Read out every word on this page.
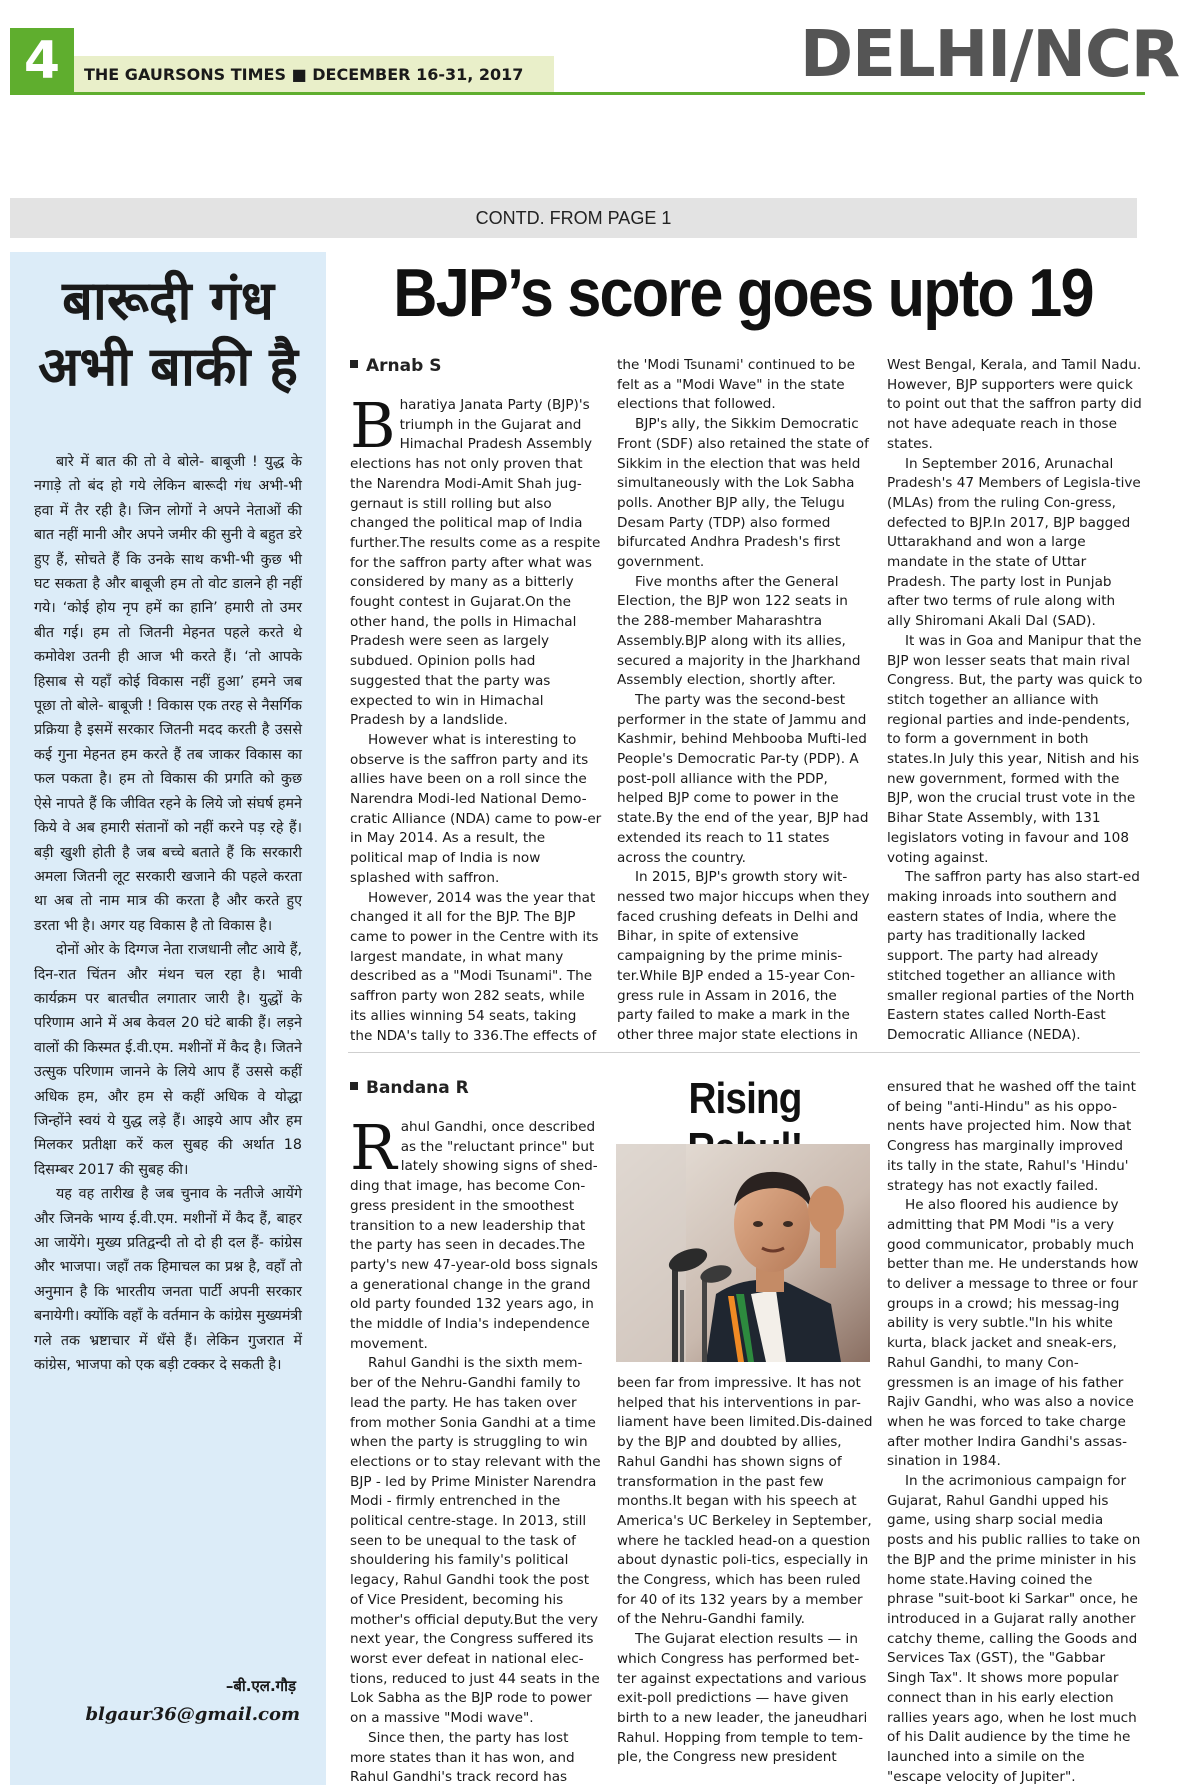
4	THE GAURSONS TIMES ■ DECEMBER 16-31, 2017	DELHI/NCR
CONTD. FROM PAGE 1
बारूदी गंध
अभी बाकी है

बारे में बात की तो वे बोले- बाबूजी ! युद्ध के नगाड़े तो बंद हो गये लेकिन बारूदी गंध अभी-भी हवा में तैर रही है। जिन लोगों ने अपने नेताओं की बात नहीं मानी और अपने जमीर की सुनी वे बहुत डरे हुए हैं, सोचते हैं कि उनके साथ कभी-भी कुछ भी घट सकता है और बाबूजी हम तो वोट डालने ही नहीं गये। ‘कोई होय नृप हमें का हानि’ हमारी तो उमर बीत गई। हम तो जितनी मेहनत पहले करते थे कमोवेश उतनी ही आज भी करते हैं। ‘तो आपके हिसाब से यहाँ कोई विकास नहीं हुआ’ हमने जब पूछा तो बोले- बाबूजी ! विकास एक तरह से नैसर्गिक प्रक्रिया है इसमें सरकार जितनी मदद करती है उससे कई गुना मेहनत हम करते हैं तब जाकर विकास का फल पकता है। हम तो विकास की प्रगति को कुछ ऐसे नापते हैं कि जीवित रहने के लिये जो संघर्ष हमने किये वे अब हमारी संतानों को नहीं करने पड़ रहे हैं। बड़ी खुशी होती है जब बच्चे बताते हैं कि सरकारी अमला जितनी लूट सरकारी खजाने की पहले करता था अब तो नाम मात्र की करता है और करते हुए डरता भी है। अगर यह विकास है तो विकास है।

दोनों ओर के दिग्गज नेता राजधानी लौट आये हैं, दिन-रात चिंतन और मंथन चल रहा है। भावी कार्यक्रम पर बातचीत लगातार जारी है। युद्धों के परिणाम आने में अब केवल 20 घंटे बाकी हैं। लड़ने वालों की किस्मत ई.वी.एम. मशीनों में कैद है। जितने उत्सुक परिणाम जानने के लिये आप हैं उससे कहीं अधिक हम, और हम से कहीं अधिक वे योद्धा जिन्होंने स्वयं ये युद्ध लड़े हैं। आइये आप और हम मिलकर प्रतीक्षा करें कल सुबह की अर्थात 18 दिसम्बर 2017 की सुबह की।

यह वह तारीख है जब चुनाव के नतीजे आयेंगे और जिनके भाग्य ई.वी.एम. मशीनों में कैद हैं, बाहर आ जायेंगे। मुख्य प्रतिद्वन्दी तो दो ही दल हैं- कांग्रेस और भाजपा। जहाँ तक हिमाचल का प्रश्न है, वहाँ तो अनुमान है कि भारतीय जनता पार्टी अपनी सरकार बनायेगी। क्योंकि वहाँ के वर्तमान के कांग्रेस मुख्यमंत्री गले तक भ्रष्टाचार में धँसे हैं। लेकिन गुजरात में कांग्रेस, भाजपा को एक बड़ी टक्कर दे सकती है।

–बी.एल.गौड़
blgaur36@gmail.com
BJP’s score goes upto 19
Arnab S

Bharatiya Janata Party (BJP)'s triumph in the Gujarat and Himachal Pradesh Assembly elections has not only proven that the Narendra Modi-Amit Shah jug-gernaut is still rolling but also changed the political map of India further.The results come as a respite for the saffron party after what was considered by many as a bitterly fought contest in Gujarat.On the other hand, the polls in Himachal Pradesh were seen as largely subdued. Opinion polls had suggested that the party was expected to win in Himachal Pradesh by a landslide.

However what is interesting to observe is the saffron party and its allies have been on a roll since the Narendra Modi-led National Demo-cratic Alliance (NDA) came to pow-er in May 2014. As a result, the political map of India is now splashed with saffron.

However, 2014 was the year that changed it all for the BJP. The BJP came to power in the Centre with its largest mandate, in what many described as a "Modi Tsunami". The saffron party won 282 seats, while its allies winning 54 seats, taking the NDA's tally to 336.The effects of

the 'Modi Tsunami' continued to be felt as a "Modi Wave" in the state elections that followed.

BJP's ally, the Sikkim Democratic Front (SDF) also retained the state of Sikkim in the election that was held simultaneously with the Lok Sabha polls. Another BJP ally, the Telugu Desam Party (TDP) also formed bifurcated Andhra Pradesh's first government.

Five months after the General Election, the BJP won 122 seats in the 288-member Maharashtra Assembly.BJP along with its allies, secured a majority in the Jharkhand Assembly election, shortly after.

The party was the second-best performer in the state of Jammu and Kashmir, behind Mehbooba Mufti-led People's Democratic Par-ty (PDP). A post-poll alliance with the PDP, helped BJP come to power in the state.By the end of the year, BJP had extended its reach to 11 states across the country.

In 2015, BJP's growth story wit-nessed two major hiccups when they faced crushing defeats in Delhi and Bihar, in spite of extensive campaigning by the prime minis-ter.While BJP ended a 15-year Con-gress rule in Assam in 2016, the party failed to make a mark in the other three major state elections in

West Bengal, Kerala, and Tamil Nadu. However, BJP supporters were quick to point out that the saffron party did not have adequate reach in those states.

In September 2016, Arunachal Pradesh's 47 Members of Legisla-tive (MLAs) from the ruling Con-gress, defected to BJP.In 2017, BJP bagged Uttarakhand and won a large mandate in the state of Uttar Pradesh. The party lost in Punjab after two terms of rule along with ally Shiromani Akali Dal (SAD).

It was in Goa and Manipur that the BJP won lesser seats that main rival Congress. But, the party was quick to stitch together an alliance with regional parties and inde-pendents, to form a government in both states.In July this year, Nitish and his new government, formed with the BJP, won the crucial trust vote in the Bihar State Assembly, with 131 legislators voting in favour and 108 voting against.

The saffron party has also start-ed making inroads into southern and eastern states of India, where the party has traditionally lacked support. The party had already stitched together an alliance with smaller regional parties of the North Eastern states called North-East Democratic Alliance (NEDA).

Bandana R

Rahul Gandhi, once described as the "reluctant prince" but lately showing signs of shed-ding that image, has become Con-gress president in the smoothest transition to a new leadership that the party has seen in decades.The party's new 47-year-old boss signals a generational change in the grand old party founded 132 years ago, in the middle of India's independence movement.

Rahul Gandhi is the sixth mem-ber of the Nehru-Gandhi family to lead the party. He has taken over from mother Sonia Gandhi at a time when the party is struggling to win elections or to stay relevant with the BJP - led by Prime Minister Narendra Modi - firmly entrenched in the political centre-stage. In 2013, still seen to be unequal to the task of shouldering his family's political legacy, Rahul Gandhi took the post of Vice President, becoming his mother's official deputy.But the very next year, the Congress suffered its worst ever defeat in national elec-tions, reduced to just 44 seats in the Lok Sabha as the BJP rode to power on a massive "Modi wave".

Since then, the party has lost more states than it has won, and Rahul Gandhi's track record has

Rising

been far from impressive. It has not helped that his interventions in par-liament have been limited.Dis-dained by the BJP and doubted by allies, Rahul Gandhi has shown signs of transformation in the past few months.It began with his speech at America's UC Berkeley in September, where he tackled head-on a question about dynastic poli-tics, especially in the Congress, which has been ruled for 40 of its 132 years by a member of the Nehru-Gandhi family.

The Gujarat election results — in which Congress has performed bet-ter against expectations and various exit-poll predictions — have given birth to a new leader, the janeudhari Rahul. Hopping from temple to tem-ple, the Congress new president

ensured that he washed off the taint of being "anti-Hindu" as his oppo-nents have projected him. Now that Congress has marginally improved its tally in the state, Rahul's 'Hindu' strategy has not exactly failed.

He also floored his audience by admitting that PM Modi "is a very good communicator, probably much better than me. He understands how to deliver a message to three or four groups in a crowd; his messag-ing ability is very subtle."In his white kurta, black jacket and sneak-ers, Rahul Gandhi, to many Con-gressmen is an image of his father Rajiv Gandhi, who was also a novice when he was forced to take charge after mother Indira Gandhi's assas-sination in 1984.

In the acrimonious campaign for Gujarat, Rahul Gandhi upped his game, using sharp social media posts and his public rallies to take on the BJP and the prime minister in his home state.Having coined the phrase "suit-boot ki Sarkar" once, he introduced in a Gujarat rally another catchy theme, calling the Goods and Services Tax (GST), the "Gabbar Singh Tax". It shows more popular connect than in his early election rallies years ago, when he lost much of his Dalit audience by the time he launched into a simile on the "escape velocity of Jupiter".
